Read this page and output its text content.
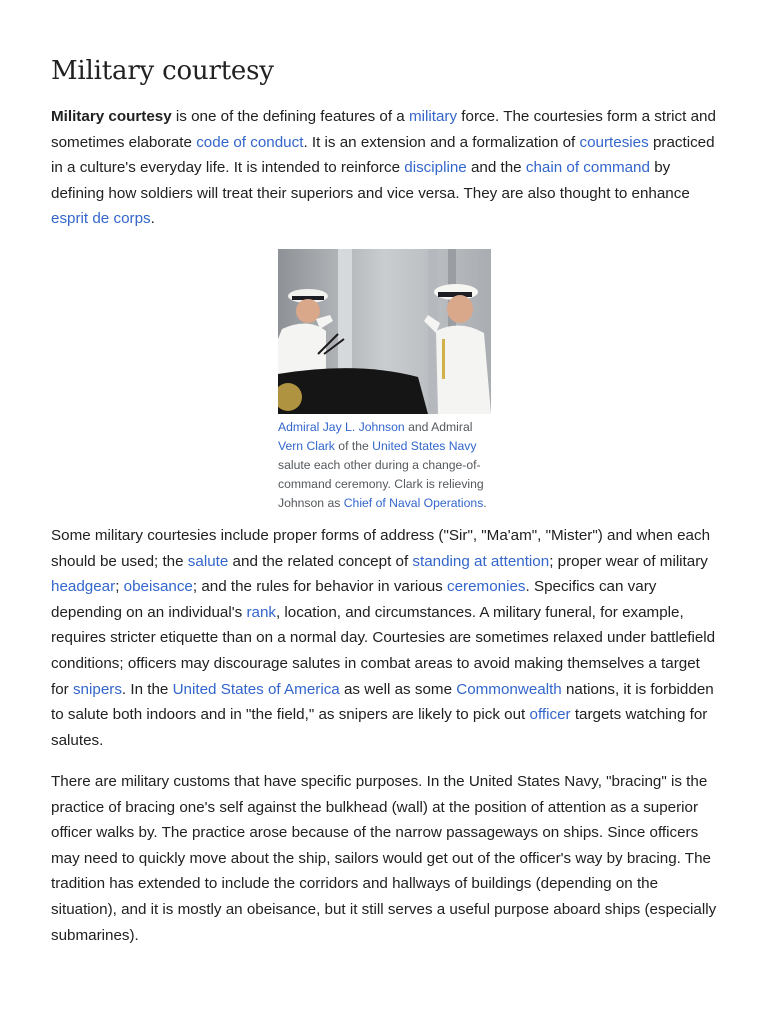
Military courtesy

Military courtesy is one of the defining features of a military force. The courtesies form a strict and sometimes elaborate code of conduct. It is an extension and a formalization of courtesies practiced in a culture's everyday life. It is intended to reinforce discipline and the chain of command by defining how soldiers will treat their superiors and vice versa. They are also thought to enhance esprit de corps.

Admiral Jay L. Johnson and Admiral Vern Clark of the United States Navy salute each other during a change-of-command ceremony. Clark is relieving Johnson as Chief of Naval Operations.

Some military courtesies include proper forms of address ("Sir", "Ma'am", "Mister") and when each should be used; the salute and the related concept of standing at attention; proper wear of military headgear; obeisance; and the rules for behavior in various ceremonies. Specifics can vary depending on an individual's rank, location, and circumstances. A military funeral, for example, requires stricter etiquette than on a normal day. Courtesies are sometimes relaxed under battlefield conditions; officers may discourage salutes in combat areas to avoid making themselves a target for snipers. In the United States of America as well as some Commonwealth nations, it is forbidden to salute both indoors and in "the field," as snipers are likely to pick out officer targets watching for salutes.

There are military customs that have specific purposes. In the United States Navy, "bracing" is the practice of bracing one's self against the bulkhead (wall) at the position of attention as a superior officer walks by. The practice arose because of the narrow passageways on ships. Since officers may need to quickly move about the ship, sailors would get out of the officer's way by bracing. The tradition has extended to include the corridors and hallways of buildings (depending on the situation), and it is mostly an obeisance, but it still serves a useful purpose aboard ships (especially submarines).
